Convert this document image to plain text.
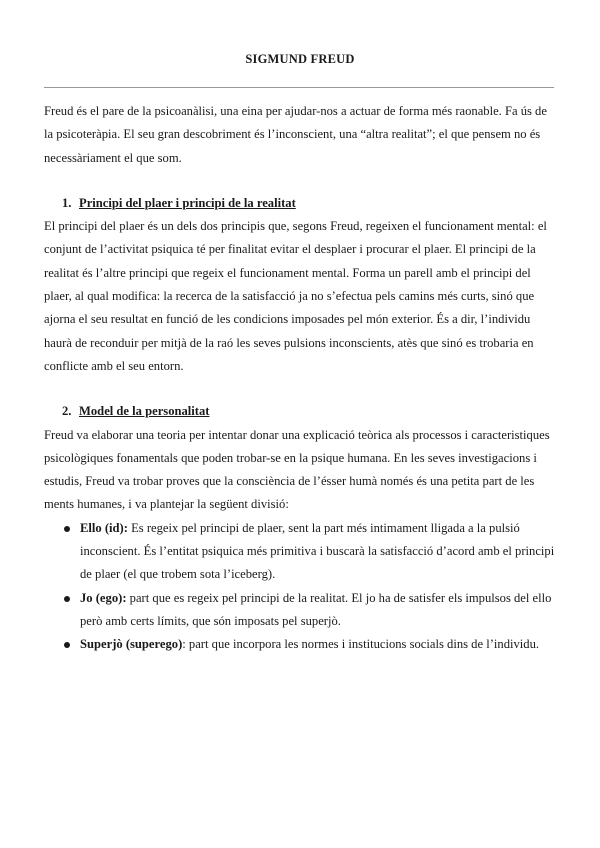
SIGMUND FREUD

Freud és el pare de la psicoanàlisi, una eina per ajudar-nos a actuar de forma més raonable. Fa ús de la psicoteràpia. El seu gran descobriment és l’inconscient, una “altra realitat”; el que pensem no és necessàriament el que som.

1. Principi del plaer i principi de la realitat

El principi del plaer és un dels dos principis que, segons Freud, regeixen el funcionament mental: el conjunt de l’activitat psiquica té per finalitat evitar el desplaer i procurar el plaer. El principi de la realitat és l’altre principi que regeix el funcionament mental. Forma un parell amb el principi del plaer, al qual modifica: la recerca de la satisfacció ja no s’efectua pels camins més curts, sinó que ajorna el seu resultat en funció de les condicions imposades pel món exterior. És a dir, l’individu haurà de reconduir per mitjà de la raó les seves pulsions inconscients, atès que sinó es trobaria en conflicte amb el seu entorn.

2. Model de la personalitat

Freud va elaborar una teoria per intentar donar una explicació teòrica als processos i caracteristiques psicològiques fonamentals que poden trobar-se en la psique humana. En les seves investigacions i estudis, Freud va trobar proves que la consciència de l’ésser humà només és una petita part de les ments humanes, i va plantejar la següent divisió:

Ello (id): Es regeix pel principi de plaer, sent la part més intimament lligada a la pulsió inconscient. És l’entitat psiquica més primitiva i buscarà la satisfacció d’acord amb el principi de plaer (el que trobem sota l’iceberg).
Jo (ego): part que es regeix pel principi de la realitat. El jo ha de satisfer els impulsos del ello però amb certs límits, que són imposats pel superjò.
Superjò (superego): part que incorpora les normes i institucions socials dins de l’individu.
